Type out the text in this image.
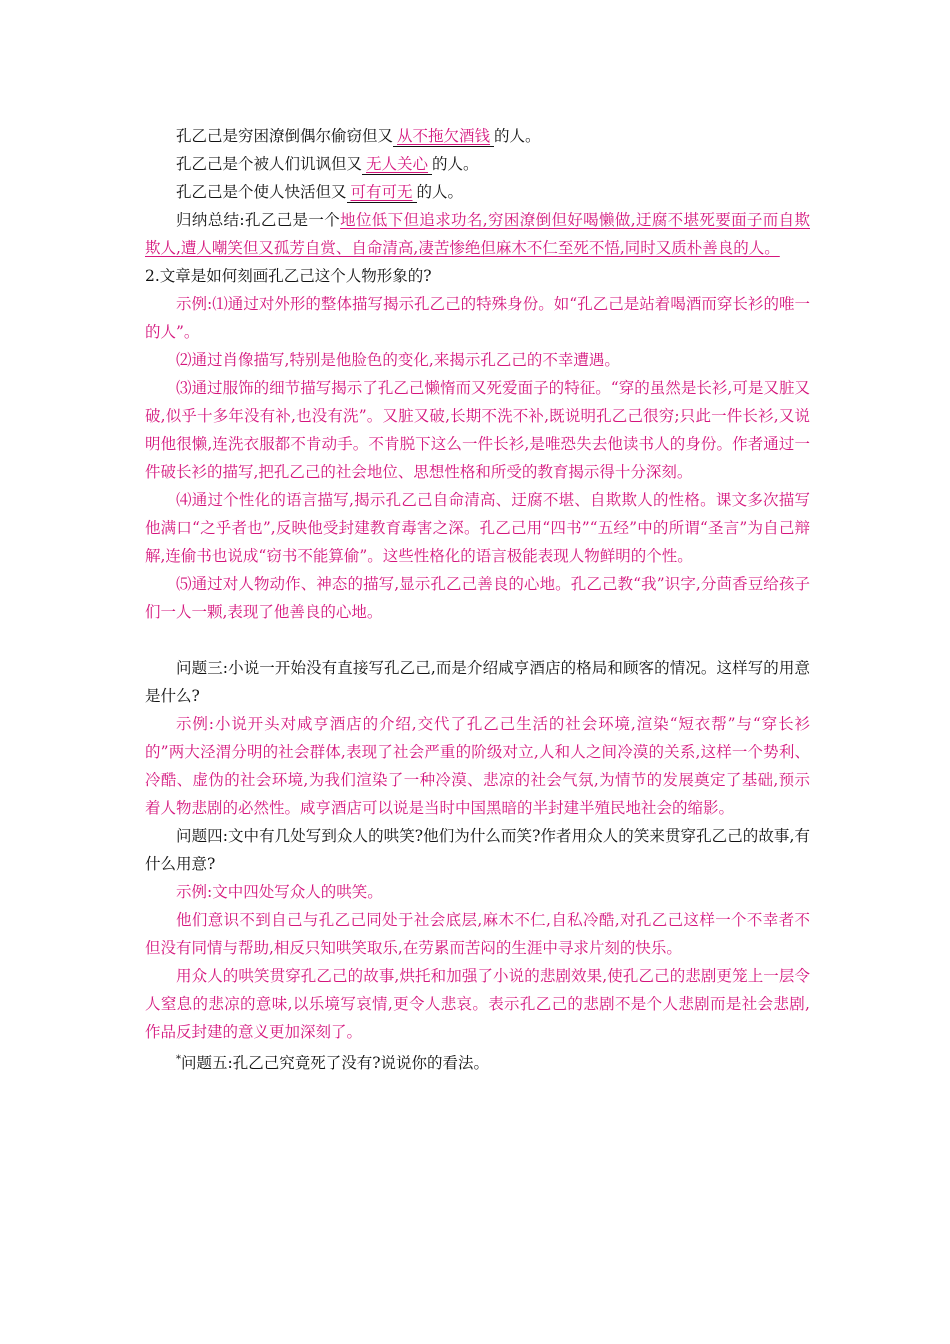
孔乙己是穷困潦倒偶尔偷窃但又 从不拖欠酒钱 的人。
孔乙己是个被人们讥讽但又 无人关心 的人。
孔乙己是个使人快活但又 可有可无 的人。
归纳总结:孔乙己是一个地位低下但追求功名,穷困潦倒但好喝懒做,迂腐不堪死要面子而自欺欺人,遭人嘲笑但又孤芳自赏、自命清高,凄苦惨绝但麻木不仁至死不悟,同时又质朴善良的人。
2.文章是如何刻画孔乙己这个人物形象的?
示例:⑴通过对外形的整体描写揭示孔乙己的特殊身份。如“孔乙己是站着喝酒而穿长衫的唯一的人”。
⑵通过肖像描写,特别是他脸色的变化,来揭示孔乙己的不幸遭遇。
⑶通过服饰的细节描写揭示了孔乙己懒惰而又死爱面子的特征。“穿的虽然是长衫,可是又脏又破,似乎十多年没有补,也没有洗”。又脏又破,长期不洗不补,既说明孔乙己很穷;只此一件长衫,又说明他很懒,连洗衣服都不肯动手。不肯脱下这么一件长衫,是唯恐失去他读书人的身份。作者通过一件破长衫的描写,把孔乙己的社会地位、思想性格和所受的教育揭示得十分深刻。
⑷通过个性化的语言描写,揭示孔乙己自命清高、迂腐不堪、自欺欺人的性格。课文多次描写他满口“之乎者也”,反映他受封建教育毒害之深。孔乙己用“四书”“五经”中的所谓“圣言”为自己辩解,连偷书也说成“窃书不能算偷”。这些性格化的语言极能表现人物鲜明的个性。
⑸通过对人物动作、神态的描写,显示孔乙己善良的心地。孔乙己教“我”识字,分茴香豆给孩子们一人一颗,表现了他善良的心地。
问题三:小说一开始没有直接写孔乙己,而是介绍咸亨酒店的格局和顾客的情况。这样写的用意是什么?
示例:小说开头对咸亨酒店的介绍,交代了孔乙己生活的社会环境,渲染“短衣帮”与“穿长衫的”两大泾渭分明的社会群体,表现了社会严重的阶级对立,人和人之间冷漠的关系,这样一个势利、冷酷、虚伪的社会环境,为我们渲染了一种冷漠、悲凉的社会气氛,为情节的发展奠定了基础,预示着人物悲剧的必然性。咸亨酒店可以说是当时中国黑暗的半封建半殖民地社会的缩影。
问题四:文中有几处写到众人的哄笑?他们为什么而笑?作者用众人的笑来贯穿孔乙己的故事,有什么用意?
示例:文中四处写众人的哄笑。
他们意识不到自己与孔乙己同处于社会底层,麻木不仁,自私冷酷,对孔乙己这样一个不幸者不但没有同情与帮助,相反只知哄笑取乐,在劳累而苦闷的生涯中寻求片刻的快乐。
用众人的哄笑贯穿孔乙己的故事,烘托和加强了小说的悲剧效果,使孔乙己的悲剧更笼上一层令人窒息的悲凉的意味,以乐境写哀情,更令人悲哀。表示孔乙己的悲剧不是个人悲剧而是社会悲剧,作品反封建的意义更加深刻了。
*问题五:孔乙己究竟死了没有?说说你的看法。
